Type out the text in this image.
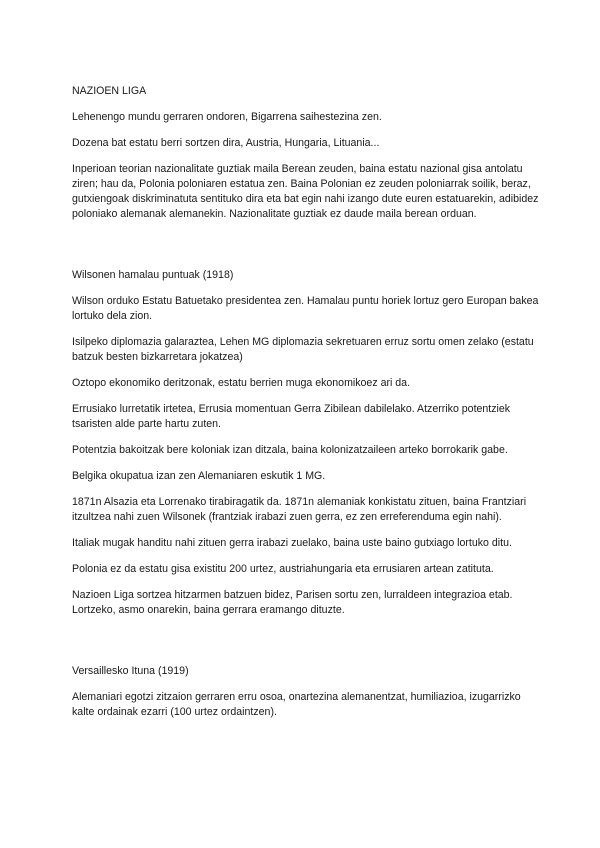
NAZIOEN LIGA

Lehenengo mundu gerraren ondoren, Bigarrena saihestezina zen.

Dozena bat estatu berri sortzen dira, Austria, Hungaria, Lituania...

Inperioan teorian nazionalitate guztiak maila Berean zeuden, baina estatu nazional gisa antolatu ziren; hau da, Polonia poloniaren estatua zen. Baina Polonian ez zeuden poloniarrak soilik, beraz, gutxiengoak diskriminatuta sentituko dira eta bat egin nahi izango dute euren estatuarekin, adibidez poloniako alemanak alemanekin. Nazionalitate guztiak ez daude maila berean orduan.

Wilsonen hamalau puntuak (1918)

Wilson orduko Estatu Batuetako presidentea zen. Hamalau puntu horiek lortuz gero Europan bakea lortuko dela zion.

Isilpeko diplomazia galaraztea, Lehen MG diplomazia sekretuaren erruz sortu omen zelako (estatu batzuk besten bizkarretara jokatzea)

Oztopo ekonomiko deritzonak, estatu berrien muga ekonomikoez ari da.

Errusiako lurretatik irtetea, Errusia momentuan Gerra Zibilean dabilelako. Atzerriko potentziek tsaristen alde parte hartu zuten.

Potentzia bakoitzak bere koloniak izan ditzala, baina kolonizatzaileen arteko borrokarik gabe.

Belgika okupatua izan zen Alemaniaren eskutik 1 MG.

1871n Alsazia eta Lorrenako tirabiragatik da. 1871n alemaniak konkistatu zituen, baina Frantziari itzultzea nahi zuen Wilsonek (frantziak irabazi zuen gerra, ez zen erreferenduma egin nahi).

Italiak mugak handitu nahi zituen gerra irabazi zuelako, baina uste baino gutxiago lortuko ditu.

Polonia ez da estatu gisa existitu 200 urtez, austriahungaria eta errusiaren artean zatituta.

Nazioen Liga sortzea hitzarmen batzuen bidez, Parisen sortu zen, lurraldeen integrazioa etab. Lortzeko, asmo onarekin, baina gerrara eramango dituzte.

Versaillesko Ituna (1919)

Alemaniari egotzi zitzaion gerraren erru osoa, onartezina alemanentzat, humiliazioa, izugarrizko kalte ordainak ezarri (100 urtez ordaintzen).
